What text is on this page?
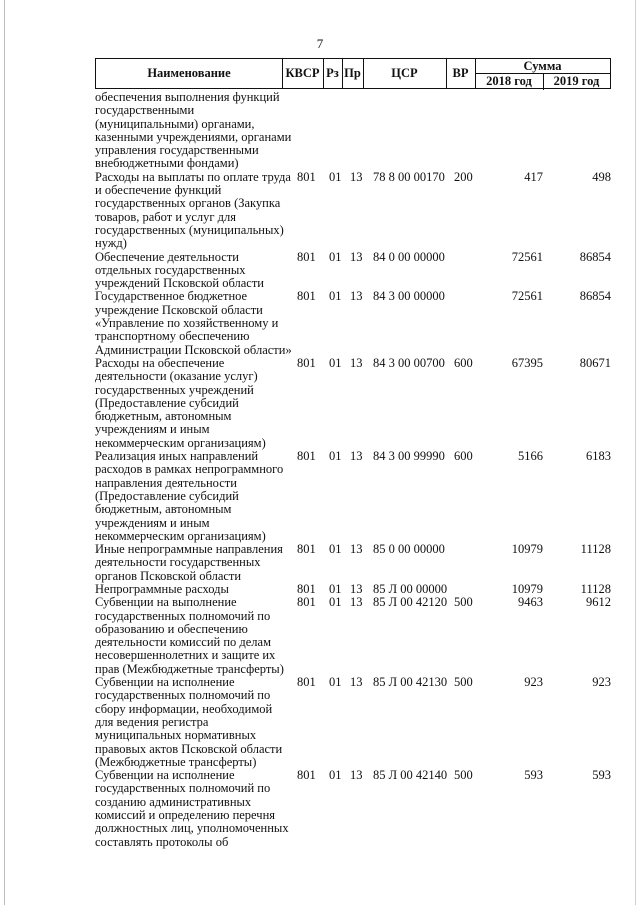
7
Наименование	КВСР Рз Пр	ЦСР	ВР
Сумма
2018 год	2019 год
обеспечения выполнения функций государственными (муниципальными) органами, казенными учреждениями, органами управления государственными внебюджетными фондами)
Расходы на выплаты по оплате труда и обеспечение функций государственных органов (Закупка товаров, работ и услуг для государственных (муниципальных) нужд)
801 01 13 78 8 00 00170 200	417	498
Обеспечение деятельности отдельных государственных учреждений Псковской области
801 01 13 84 0 00 00000	72561	86854
Государственное бюджетное учреждение Псковской области «Управление по хозяйственному и транспортному обеспечению Администрации Псковской области»
801 01 13 84 3 00 00000	72561	86854
Расходы на обеспечение деятельности (оказание услуг) государственных учреждений (Предоставление субсидий бюджетным, автономным учреждениям и иным некоммерческим организациям)
801 01 13 84 3 00 00700 600	67395	80671
Реализация иных направлений расходов в рамках непрограммного направления деятельности (Предоставление субсидий бюджетным, автономным учреждениям и иным некоммерческим организациям)
801 01 13 84 3 00 99990 600	5166	6183
Иные непрограммные направления деятельности государственных органов Псковской области
801 01 13 85 0 00 00000	10979	11128
Непрограммные расходы	801 01 13 85 Л 00 00000	10979	11128
Субвенции на выполнение государственных полномочий по образованию и обеспечению деятельности комиссий по делам несовершеннолетних и защите их прав (Межбюджетные трансферты)
801 01 13 85 Л 00 42120 500	9463	9612
Субвенции на исполнение государственных полномочий по сбору информации, необходимой для ведения регистра муниципальных нормативных правовых актов Псковской области (Межбюджетные трансферты)
801 01 13 85 Л 00 42130 500	923	923
Субвенции на исполнение государственных полномочий по созданию административных комиссий и определению перечня должностных лиц, уполномоченных составлять протоколы об
801 01 13 85 Л 00 42140 500	593	593
